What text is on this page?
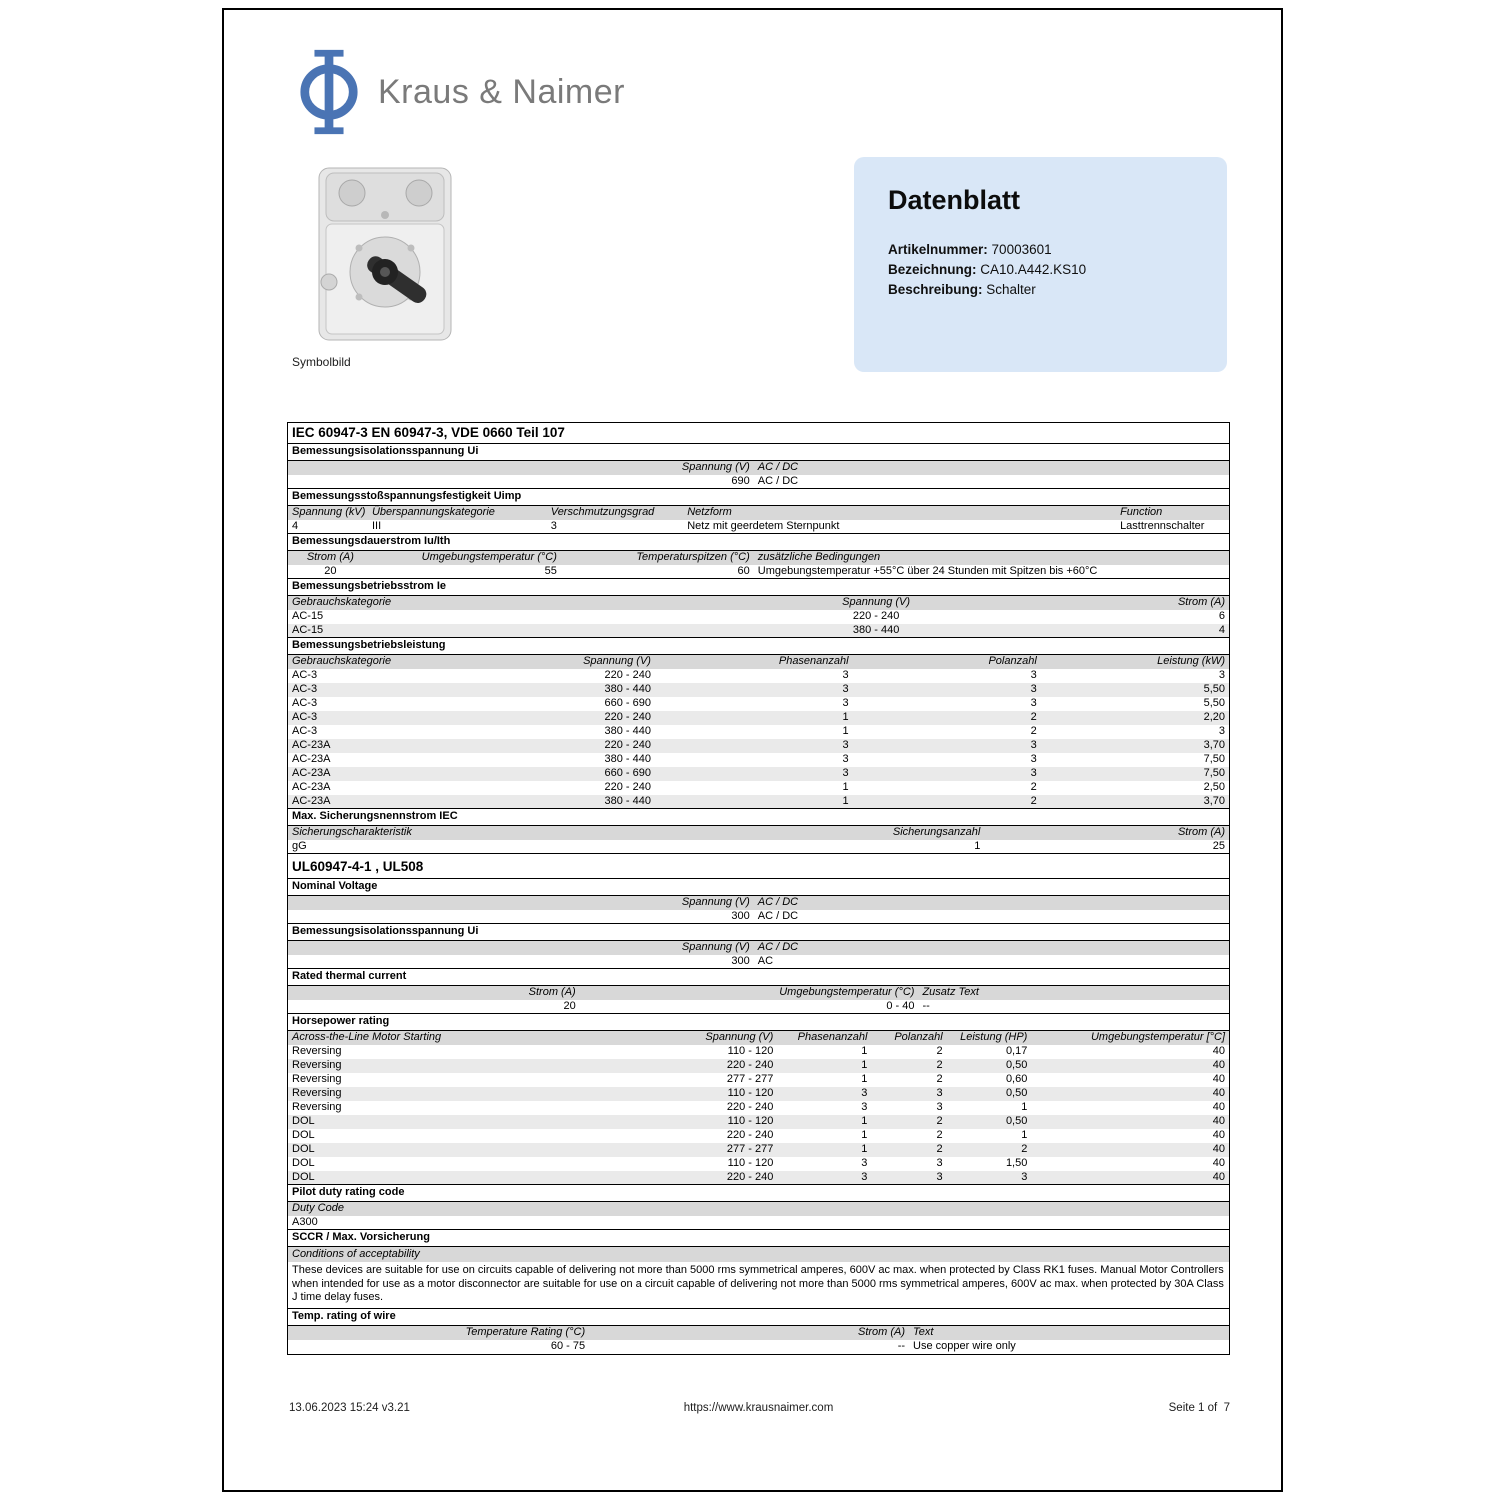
Kraus & Naimer
Symbolbild
Datenblatt
Artikelnummer: 70003601
Bezeichnung: CA10.A442.KS10
Beschreibung: Schalter
IEC 60947-3 EN 60947-3, VDE 0660 Teil 107
Bemessungsisolationsspannung Ui
Spannung (V)	AC / DC
690	AC / DC
Bemessungsstoßspannungsfestigkeit Uimp
Spannung (kV)	Überspannungskategorie	Verschmutzungsgrad	Netzform	Function
4	III	3	Netz mit geerdetem Sternpunkt	Lasttrennschalter
Bemessungsdauerstrom Iu/Ith
Strom (A)	Umgebungstemperatur (°C)	Temperaturspitzen (°C)	zusätzliche Bedingungen
20	55	60	Umgebungstemperatur +55°C über 24 Stunden mit Spitzen bis +60°C
Bemessungsbetriebsstrom Ie
Gebrauchskategorie	Spannung (V)	Strom (A)
AC-15	220 - 240	6
AC-15	380 - 440	4
Bemessungsbetriebsleistung
Gebrauchskategorie	Spannung (V)	Phasenanzahl	Polanzahl	Leistung (kW)
AC-3	220 - 240	3	3	3
AC-3	380 - 440	3	3	5,50
AC-3	660 - 690	3	3	5,50
AC-3	220 - 240	1	2	2,20
AC-3	380 - 440	1	2	3
AC-23A	220 - 240	3	3	3,70
AC-23A	380 - 440	3	3	7,50
AC-23A	660 - 690	3	3	7,50
AC-23A	220 - 240	1	2	2,50
AC-23A	380 - 440	1	2	3,70
Max. Sicherungsnennstrom IEC
Sicherungscharakteristik	Sicherungsanzahl	Strom (A)
gG	1	25
UL60947-4-1 , UL508
Nominal Voltage
Spannung (V)	AC / DC
300	AC / DC
Bemessungsisolationsspannung Ui
Spannung (V)	AC / DC
300	AC
Rated thermal current
Strom (A)	Umgebungstemperatur (°C)	Zusatz Text
20	0 - 40	--
Horsepower rating
Across-the-Line Motor Starting	Spannung (V)	Phasenanzahl	Polanzahl	Leistung (HP)	Umgebungstemperatur [°C]
Reversing	110 - 120	1	2	0,17	40
Reversing	220 - 240	1	2	0,50	40
Reversing	277 - 277	1	2	0,60	40
Reversing	110 - 120	3	3	0,50	40
Reversing	220 - 240	3	3	1	40
DOL	110 - 120	1	2	0,50	40
DOL	220 - 240	1	2	1	40
DOL	277 - 277	1	2	2	40
DOL	110 - 120	3	3	1,50	40
DOL	220 - 240	3	3	3	40
Pilot duty rating code
Duty Code
A300
SCCR / Max. Vorsicherung
Conditions of acceptability
These devices are suitable for use on circuits capable of delivering not more than 5000 rms symmetrical amperes, 600V ac max. when protected by Class RK1 fuses. Manual Motor Controllers when intended for use as a motor disconnector are suitable for use on a circuit capable of delivering not more than 5000 rms symmetrical amperes, 600V ac max. when protected by 30A Class J time delay fuses.
Temp. rating of wire
Temperature Rating (°C)	Strom (A)	Text
60 - 75	--	Use copper wire only
13.06.2023 15:24 v3.21	https://www.krausnaimer.com	Seite 1 of  7
